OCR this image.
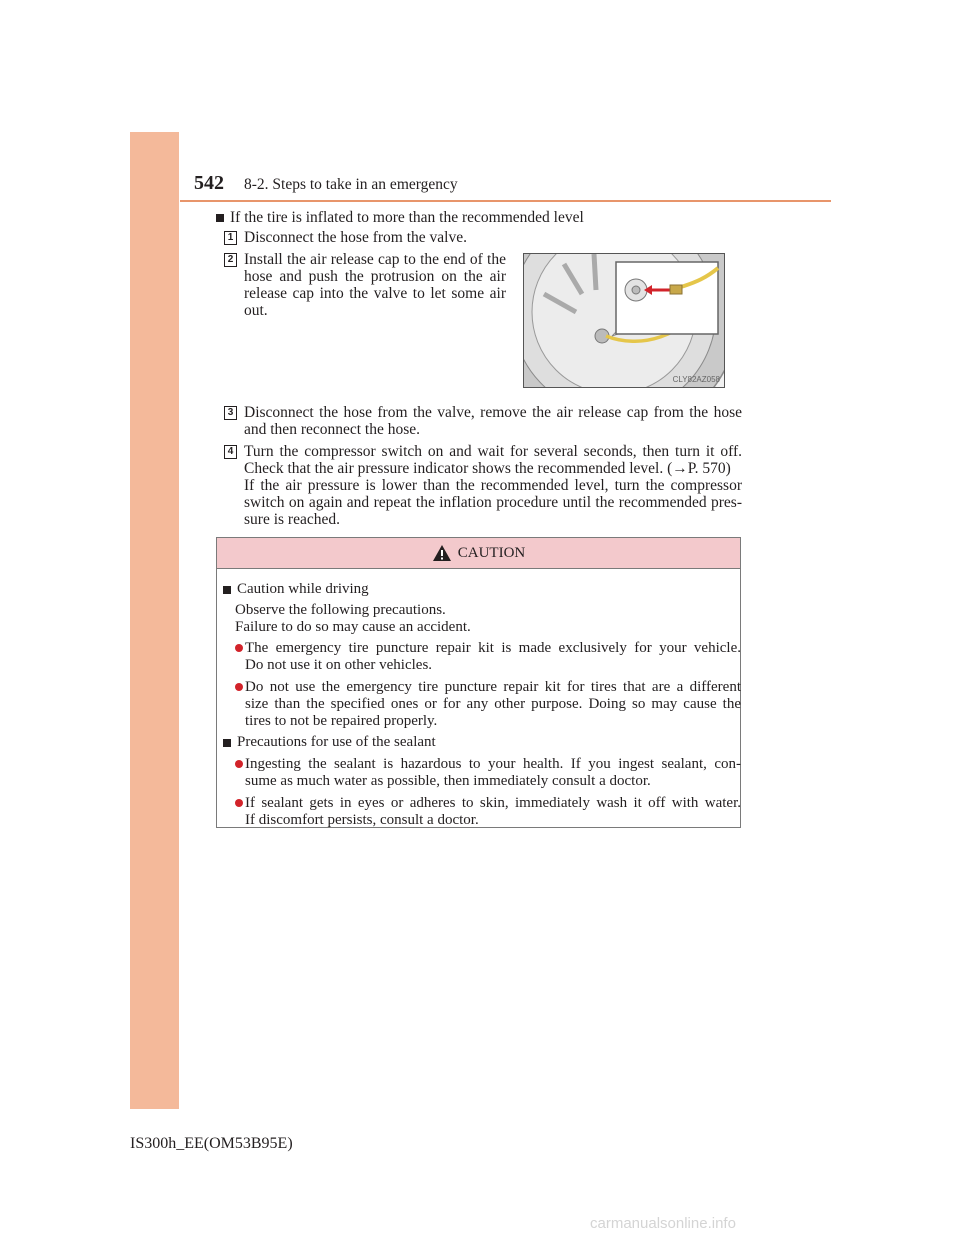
542 8-2. Steps to take in an emergency
If the tire is inflated to more than the recommended level
1 Disconnect the hose from the valve.
2 Install the air release cap to the end of the
hose and push the protrusion on the air
release cap into the valve to let some air
out.
CLY82AZ058
3 Disconnect the hose from the valve, remove the air release cap from the hose
and then reconnect the hose.
4 Turn the compressor switch on and wait for several seconds, then turn it off.
Check that the air pressure indicator shows the recommended level. (→P. 570)
If the air pressure is lower than the recommended level, turn the compressor
switch on again and repeat the inflation procedure until the recommended pres-
sure is reached.
CAUTION
Caution while driving
Observe the following precautions.
Failure to do so may cause an accident.
The emergency tire puncture repair kit is made exclusively for your vehicle.
Do not use it on other vehicles.
Do not use the emergency tire puncture repair kit for tires that are a different
size than the specified ones or for any other purpose. Doing so may cause the
tires to not be repaired properly.
Precautions for use of the sealant
Ingesting the sealant is hazardous to your health. If you ingest sealant, con-
sume as much water as possible, then immediately consult a doctor.
If sealant gets in eyes or adheres to skin, immediately wash it off with water.
If discomfort persists, consult a doctor.
IS300h_EE(OM53B95E)
carmanualsonline.info
